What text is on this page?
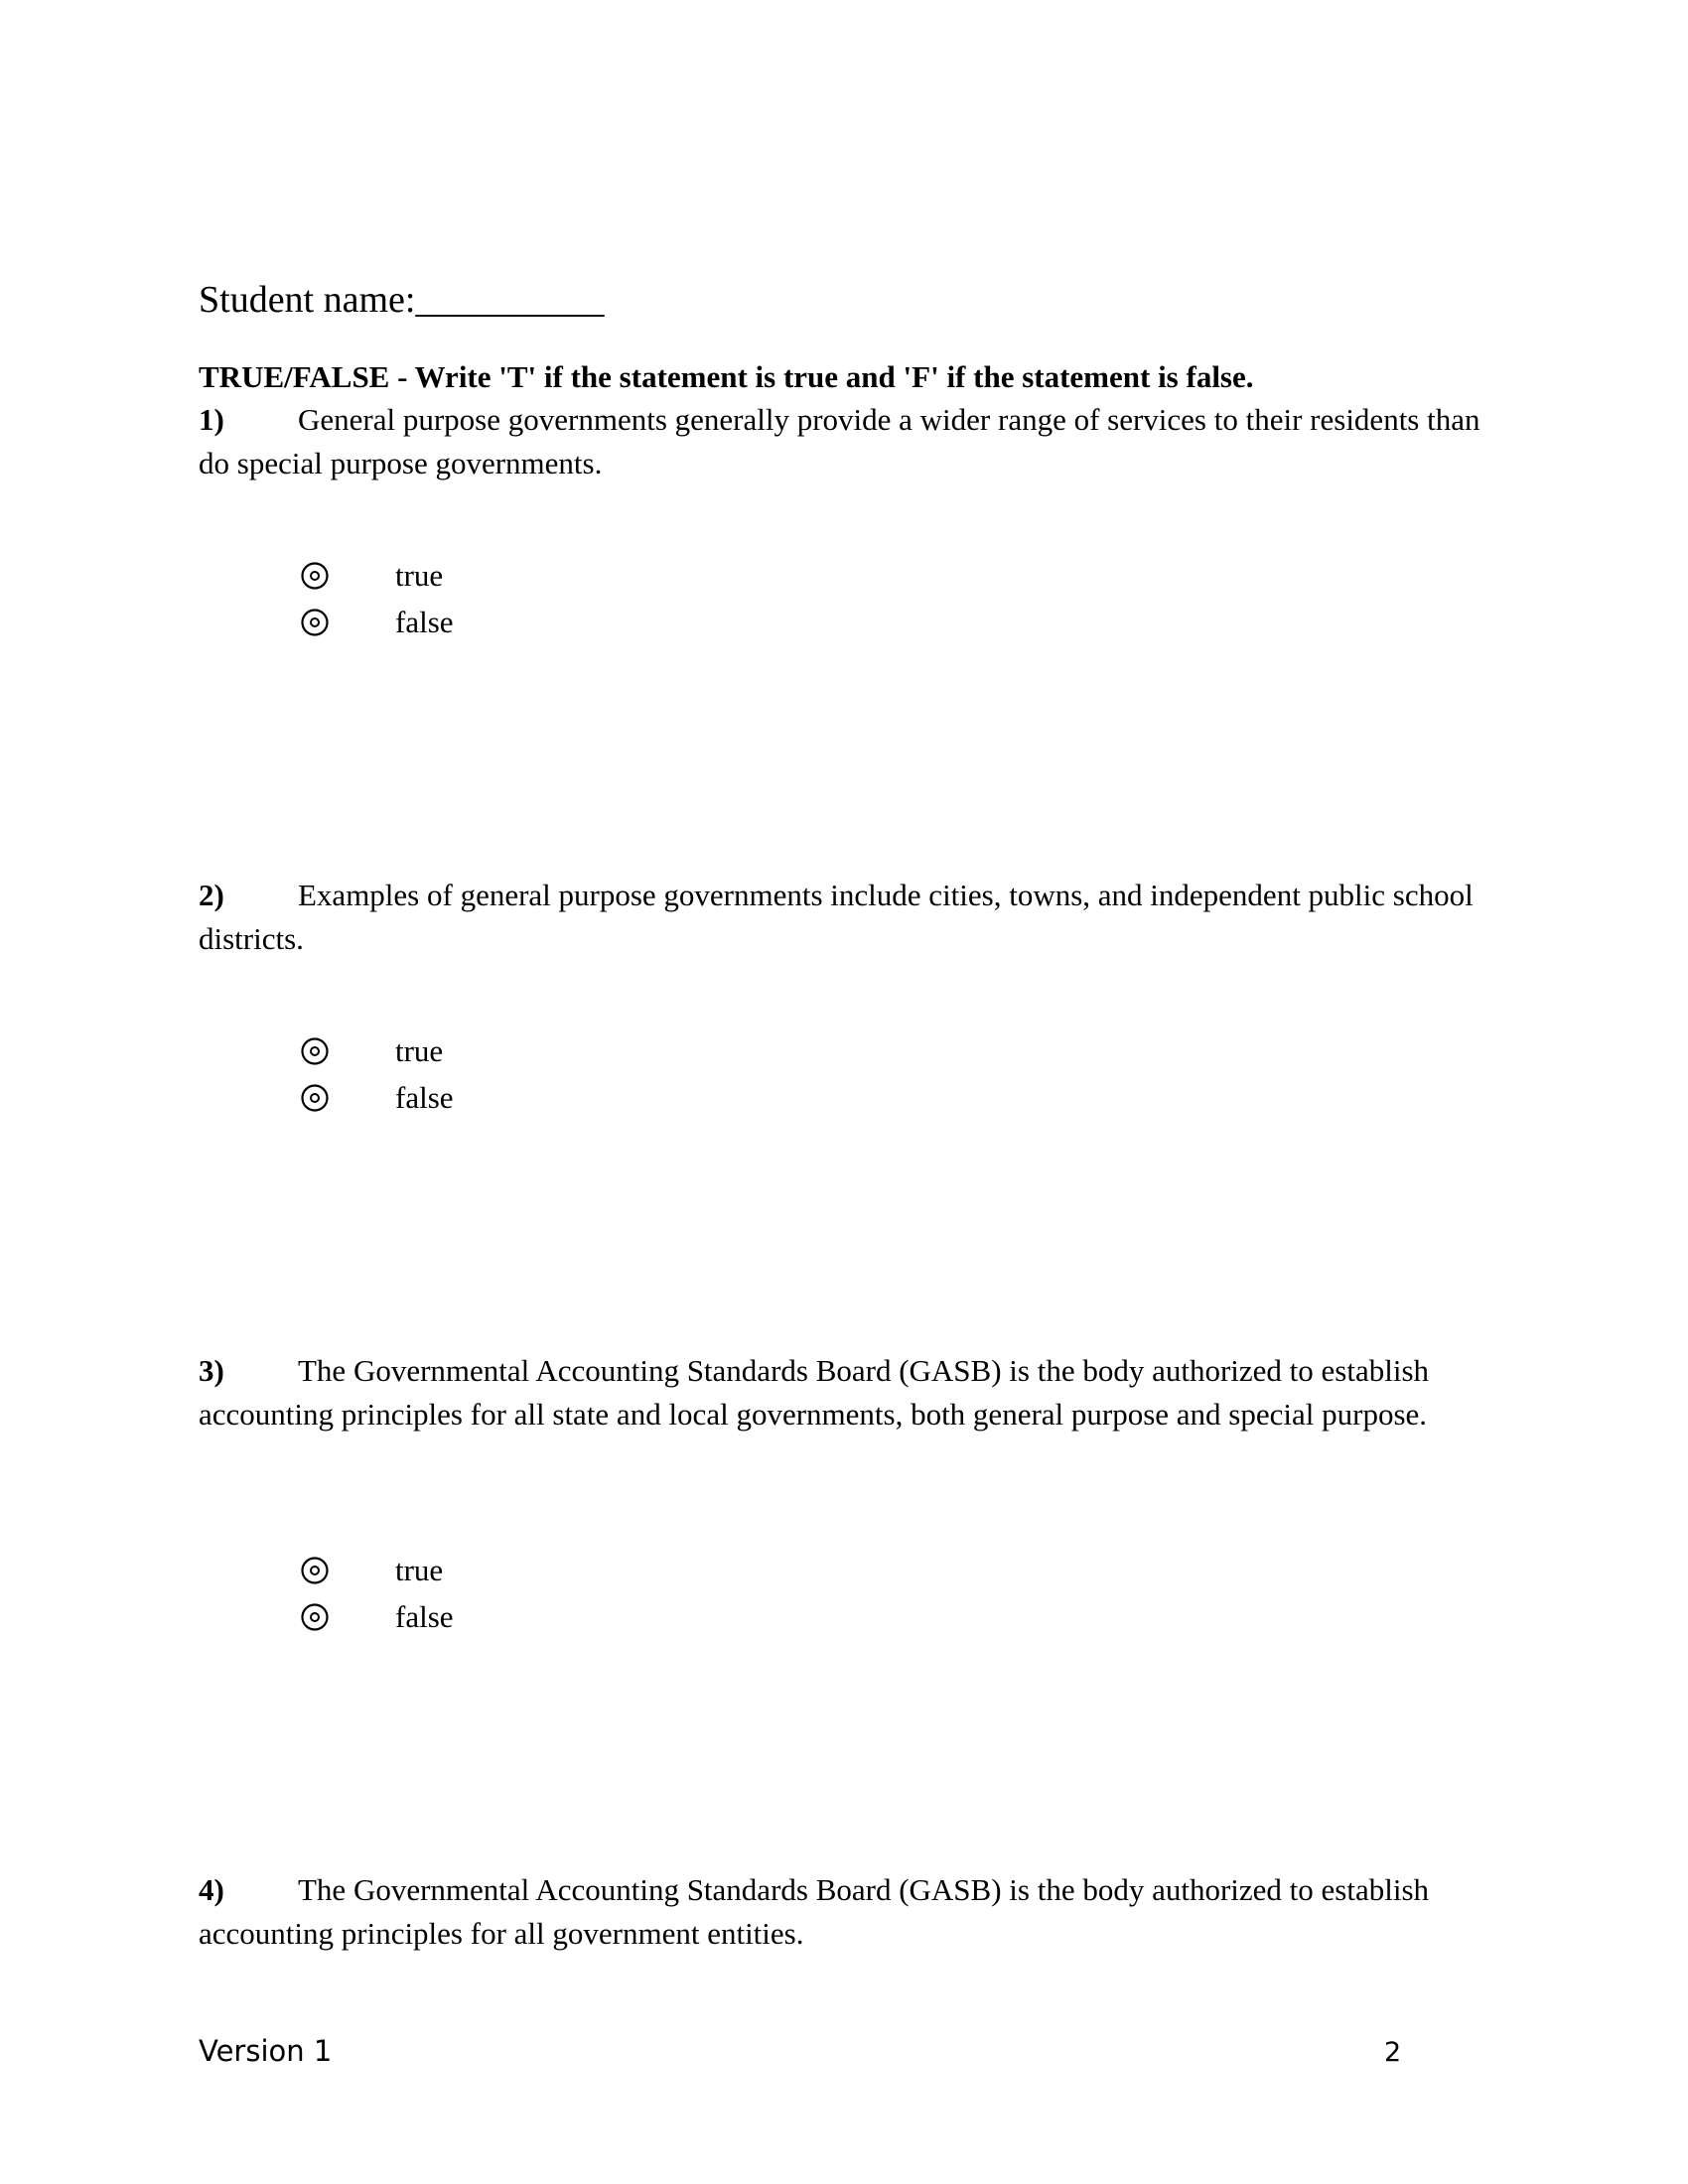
Student name:__________
TRUE/FALSE - Write 'T' if the statement is true and 'F' if the statement is false.
1) General purpose governments generally provide a wider range of services to their residents than do special purpose governments.
true
false
2) Examples of general purpose governments include cities, towns, and independent public school districts.
true
false
3) The Governmental Accounting Standards Board (GASB) is the body authorized to establish accounting principles for all state and local governments, both general purpose and special purpose.
true
false
4) The Governmental Accounting Standards Board (GASB) is the body authorized to establish accounting principles for all government entities.
Version 1	2
